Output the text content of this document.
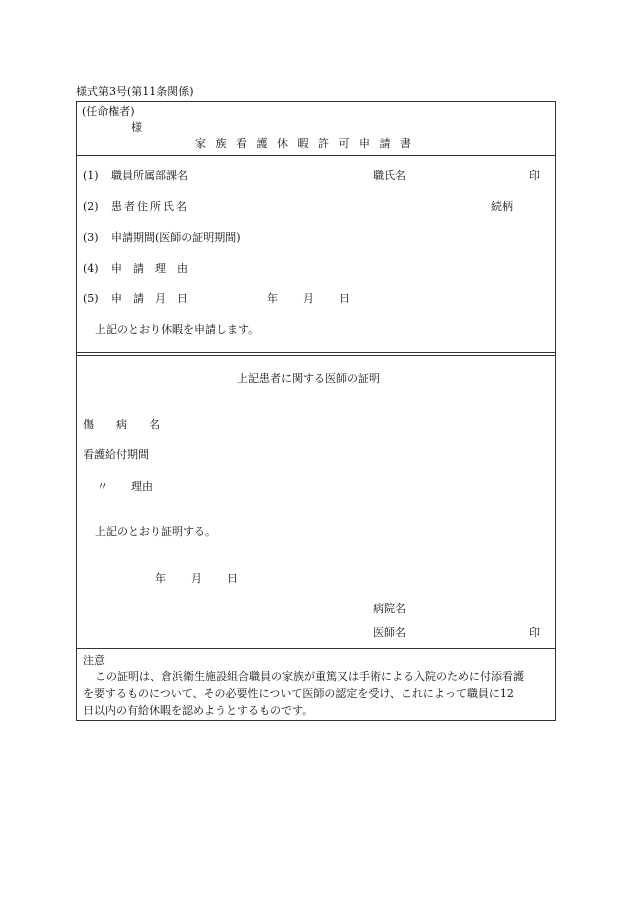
様式第3号(第11条関係)
(任命権者)
様
家 族 看 護 休 暇 許 可 申 請 書
(1) 職員所属部課名	職氏名	印
(2) 患者住所氏名	続柄
(3) 申請期間(医師の証明期間)
(4) 申　請　理　由
(5) 申　請　月　日	年 月 日
上記のとおり休暇を申請します。
上記患者に関する医師の証明
傷　　病　　名
看護給付期間
〃 理由
上記のとおり証明する。
年 月 日
病院名
医師名	印
注意
この証明は、倉浜衛生施設組合職員の家族が重篤又は手術による入院のために付添看護
を要するものについて、その必要性について医師の認定を受け、これによって職員に12
日以内の有給休暇を認めようとするものです。
